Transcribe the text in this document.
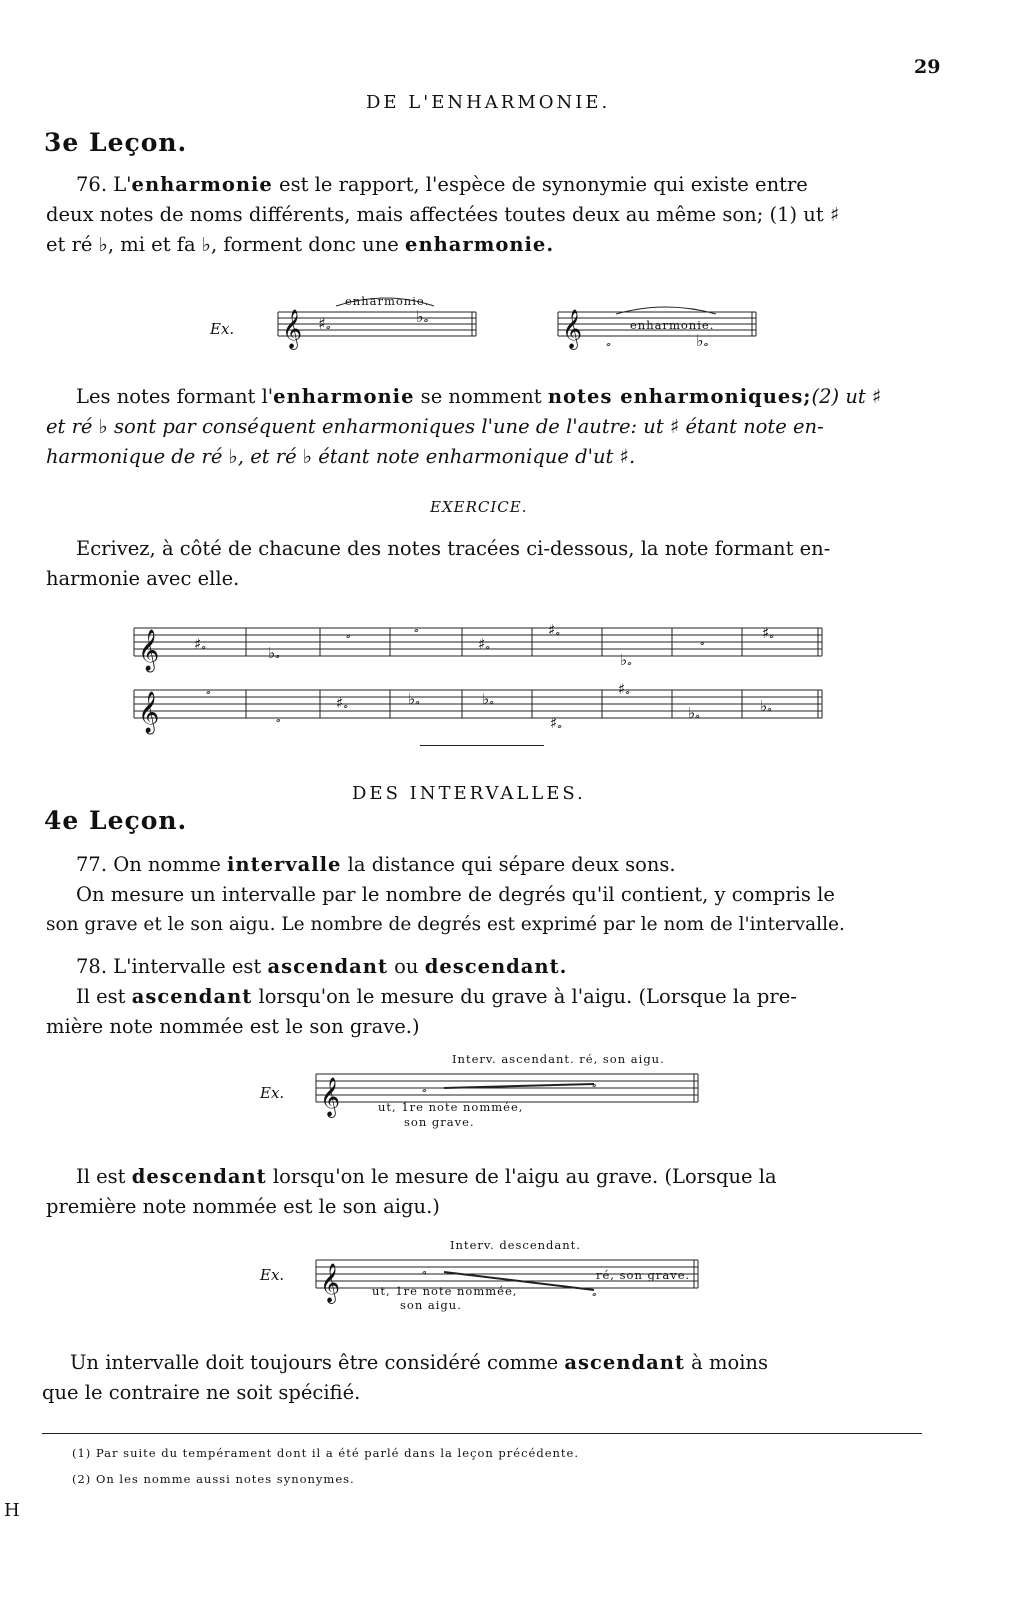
29
DE L'ENHARMONIE.
3e Leçon.
76. L'enharmonie est le rapport, l'espèce de synonymie qui existe entre
deux notes de noms différents, mais affectées toutes deux au même son; (1) ut ♯
et ré ♭, mi et fa ♭, forment donc une enharmonie.
Ex. 𝄞 ♯𝅗	♭𝅗	𝄞 𝅗	♭𝅗
enharmonie.
enharmonie.
Les notes formant l'enharmonie se nomment notes enharmoniques;(2) ut ♯
et ré ♭ sont par conséquent enharmoniques l'une de l'autre: ut ♯ étant note en-
harmonique de ré ♭, et ré ♭ étant note enharmonique d'ut ♯.
EXERCICE.
Ecrivez, à côté de chacune des notes tracées ci-dessous, la note formant en-
harmonie avec elle.
𝄞 ♯𝅗	♭𝅗
𝅗	𝅗
♯𝅗
♯𝅗
♭𝅗
𝅗	♯𝅗
𝄞
𝅗
𝅗
♯𝅗	♭𝅗	♭𝅗
♯𝅗
♯𝅗
♭𝅗	♭𝅗
DES INTERVALLES.
4e Leçon.
77. On nomme intervalle la distance qui sépare deux sons.
On mesure un intervalle par le nombre de degrés qu'il contient, y compris le
son grave et le son aigu. Le nombre de degrés est exprimé par le nom de l'intervalle.
78. L'intervalle est ascendant ou descendant.
Il est ascendant lorsqu'on le mesure du grave à l'aigu. (Lorsque la pre-
mière note nommée est le son grave.)
Interv. ascendant. ré, son aigu.
Ex. 𝄞	𝅗	𝅗
ut, 1re note nommée,
son grave.
Il est descendant lorsqu'on le mesure de l'aigu au grave. (Lorsque la
première note nommée est le son aigu.)
Interv. descendant.
Ex. 𝄞	𝅗
𝅗
ré, son grave.
ut, 1re note nommée,
son aigu.
Un intervalle doit toujours être considéré comme ascendant à moins
que le contraire ne soit spécifié.
(1) Par suite du tempérament dont il a été parlé dans la leçon précédente.
(2) On les nomme aussi notes synonymes.
H
